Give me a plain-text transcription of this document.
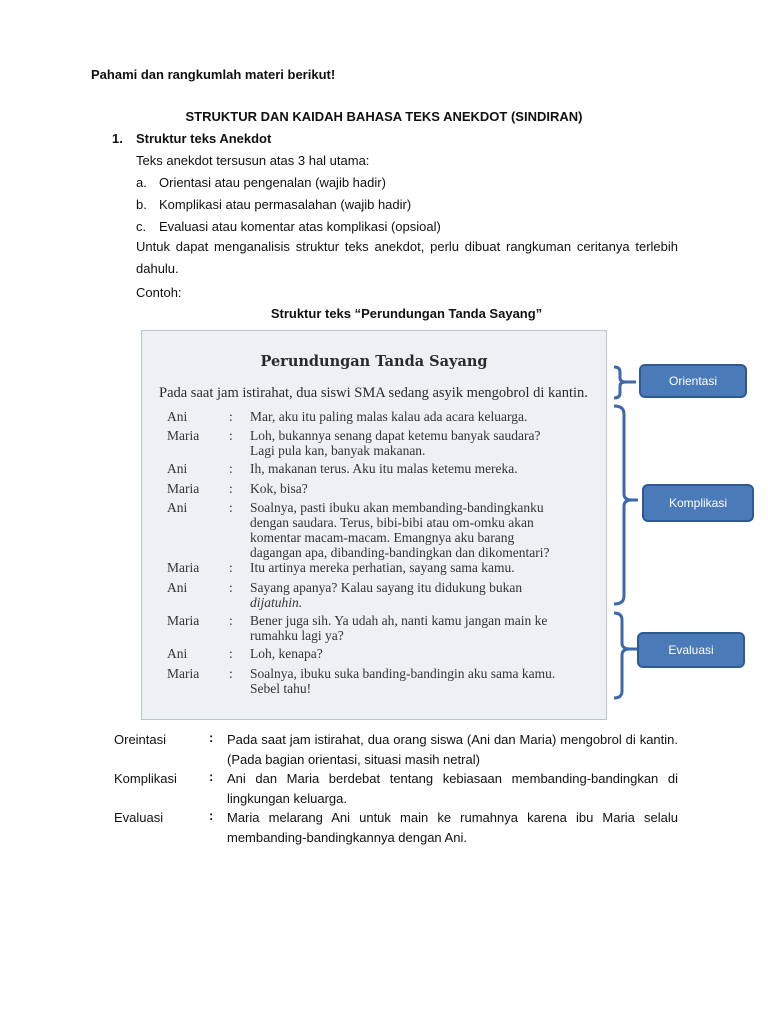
Pahami dan rangkumlah materi berikut!
STRUKTUR DAN KAIDAH BAHASA TEKS ANEKDOT (SINDIRAN)
1. Struktur teks Anekdot
Teks anekdot tersusun atas 3 hal utama:
a. Orientasi atau pengenalan (wajib hadir)
b. Komplikasi atau permasalahan (wajib hadir)
c. Evaluasi atau komentar atas komplikasi (opsioal)
Untuk dapat menganalisis struktur teks anekdot, perlu dibuat rangkuman ceritanya terlebih dahulu.
Contoh:
Struktur teks “Perundungan Tanda Sayang”
Perundungan Tanda Sayang
Pada saat jam istirahat, dua siswi SMA sedang asyik mengobrol di kantin.
Ani	: Mar, aku itu paling malas kalau ada acara keluarga.
Maria : Loh, bukannya senang dapat ketemu banyak saudara?
Lagi pula kan, banyak makanan.
Ani	: Ih, makanan terus. Aku itu malas ketemu mereka.
Maria : Kok, bisa?
Ani	: Soalnya, pasti ibuku akan membanding-bandingkanku
dengan saudara. Terus, bibi-bibi atau om-omku akan
komentar macam-macam. Emangnya aku barang
dagangan apa, dibanding-bandingkan dan dikomentari?
Maria : Itu artinya mereka perhatian, sayang sama kamu.
Ani	: Sayang apanya? Kalau sayang itu didukung bukan
dijatuhin.
Maria : Bener juga sih. Ya udah ah, nanti kamu jangan main ke
rumahku lagi ya?
Ani	: Loh, kenapa?
Maria : Soalnya, ibuku suka banding-bandingin aku sama kamu.
Sebel tahu!
Orientasi
Komplikasi
Evaluasi
Oreintasi	: Pada saat jam istirahat, dua orang siswa (Ani dan Maria) mengobrol di kantin. (Pada bagian orientasi, situasi masih netral)
Komplikasi : Ani dan Maria berdebat tentang kebiasaan membanding-bandingkan di lingkungan keluarga.
Evaluasi	: Maria melarang Ani untuk main ke rumahnya karena ibu Maria selalu membanding-bandingkannya dengan Ani.
